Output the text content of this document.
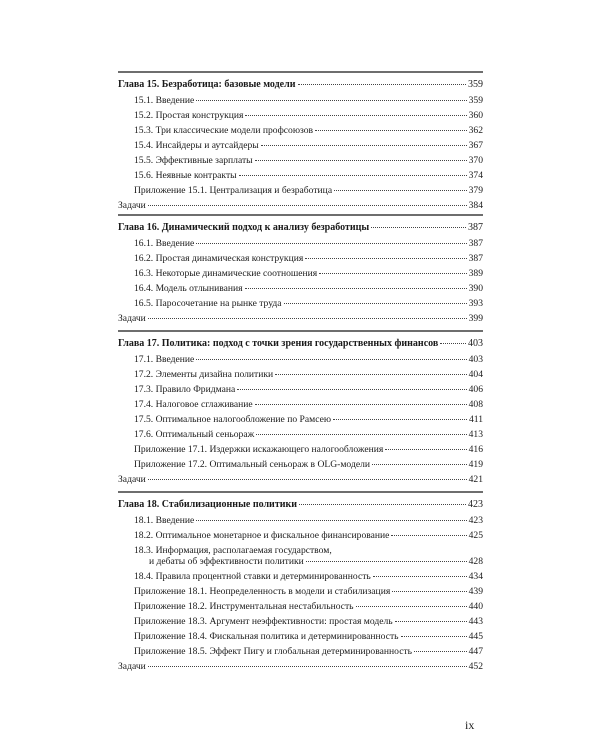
Глава 15. Безработица: базовые модели	359
15.1. Введение	359
15.2. Простая конструкция	360
15.3. Три классические модели профсоюзов	362
15.4. Инсайдеры и аутсайдеры	367
15.5. Эффективные зарплаты	370
15.6. Неявные контракты	374
Приложение 15.1. Централизация и безработица	379
Задачи	384
Глава 16. Динамический подход к анализу безработицы	387
16.1. Введение	387
16.2. Простая динамическая конструкция	387
16.3. Некоторые динамические соотношения	389
16.4. Модель отлынивания	390
16.5. Паросочетание на рынке труда	393
Задачи	399
Глава 17. Политика: подход с точки зрения государственных финансов	403
17.1. Введение	403
17.2. Элементы дизайна политики	404
17.3. Правило Фридмана	406
17.4. Налоговое сглаживание	408
17.5. Оптимальное налогообложение по Рамсею	411
17.6. Оптимальный сеньораж	413
Приложение 17.1. Издержки искажающего налогообложения	416
Приложение 17.2. Оптимальный сеньораж в OLG-модели	419
Задачи	421
Глава 18. Стабилизационные политики	423
18.1. Введение	423
18.2. Оптимальное монетарное и фискальное финансирование	425
18.3. Информация, располагаемая государством,
и дебаты об эффективности политики	428
18.4. Правила процентной ставки и детерминированность	434
Приложение 18.1. Неопределенность в модели и стабилизация	439
Приложение 18.2. Инструментальная нестабильность	440
Приложение 18.3. Аргумент неэффективности: простая модель	443
Приложение 18.4. Фискальная политика и детерминированность	445
Приложение 18.5. Эффект Пигу и глобальная детерминированность	447
Задачи	452
ix
